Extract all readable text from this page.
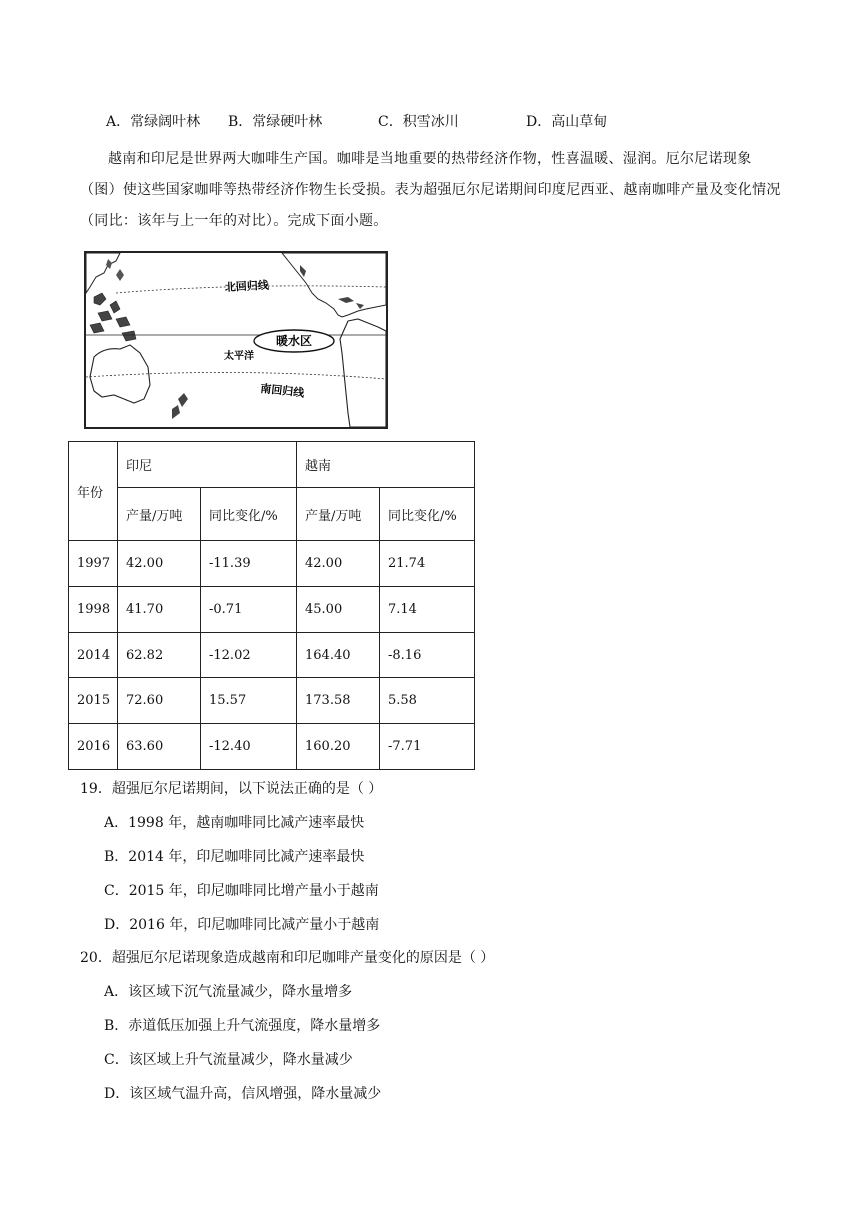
A．常绿阔叶林 B．常绿硬叶林	C．积雪冰川	D．高山草甸
越南和印尼是世界两大咖啡生产国。咖啡是当地重要的热带经济作物，性喜温暖、湿润。厄尔尼诺现象（图）使这些国家咖啡等热带经济作物生长受损。表为超强厄尔尼诺期间印度尼西亚、越南咖啡产量及变化情况（同比：该年与上一年的对比）。完成下面小题。
北回归线
暖水区
太平洋
南回归线
年份	印尼		越南	
	产量/万吨	同比变化/%	产量/万吨	同比变化/%
1997	42.00	-11.39	42.00	21.74
1998	41.70	-0.71	45.00	7.14
2014	62.82	-12.02	164.40	-8.16
2015	72.60	15.57	173.58	5.58
2016	63.60	-12.40	160.20	-7.71
19．超强厄尔尼诺期间，以下说法正确的是（ ）
A．1998 年，越南咖啡同比减产速率最快
B．2014 年，印尼咖啡同比减产速率最快
C．2015 年，印尼咖啡同比增产量小于越南
D．2016 年，印尼咖啡同比减产量小于越南
20．超强厄尔尼诺现象造成越南和印尼咖啡产量变化的原因是（ ）
A．该区域下沉气流量减少，降水量增多
B．赤道低压加强上升气流强度，降水量增多
C．该区域上升气流量减少，降水量减少
D．该区域气温升高，信风增强，降水量减少
